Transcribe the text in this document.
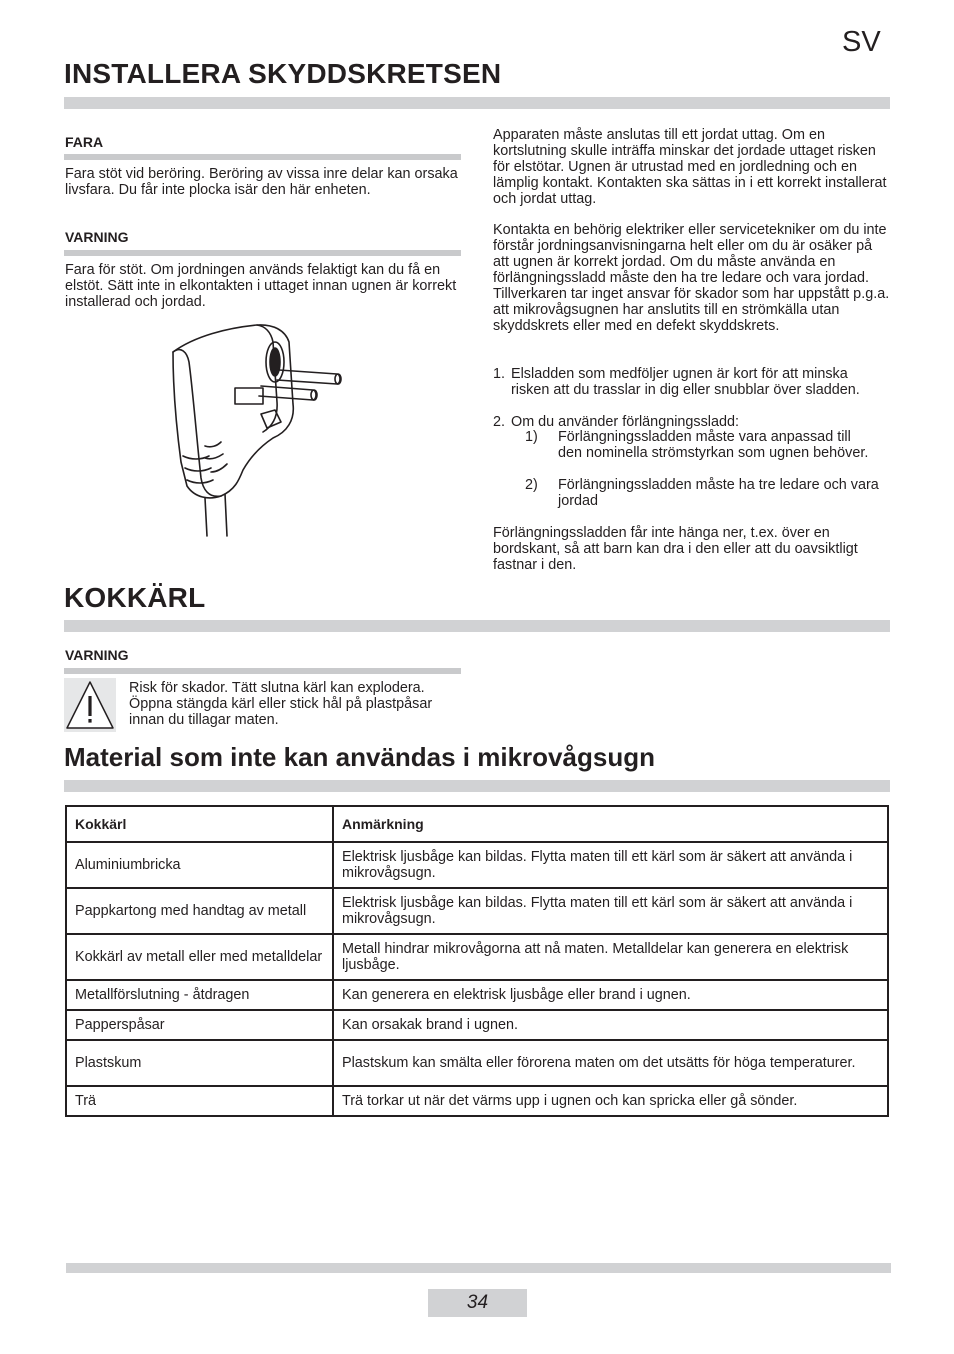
SV
INSTALLERA SKYDDSKRETSEN
FARA
Fara stöt vid beröring. Beröring av vissa inre delar kan orsaka livsfara. Du får inte plocka isär den här enheten.
VARNING
Fara för stöt. Om jordningen används felaktigt kan du få en elstöt. Sätt inte in elkontakten i uttaget innan ugnen är korrekt installerad och jordad.
Apparaten måste anslutas till ett jordat uttag. Om en kortslutning skulle inträffa minskar det jordade uttaget risken för elstötar. Ugnen är utrustad med en jordledning och en lämplig kontakt. Kontakten ska sättas in i ett korrekt installerat och jordat uttag.
Kontakta en behörig elektriker eller servicetekniker om du inte förstår jordningsanvisningarna helt eller om du är osäker på att ugnen är korrekt jordad. Om du måste använda en förlängningssladd måste den ha tre ledare och vara jordad. Tillverkaren tar inget ansvar för skador som har uppstått p.g.a. att mikrovågsugnen har anslutits till en strömkälla utan skyddskrets eller med en defekt skyddskrets.
1. Elsladden som medföljer ugnen är kort för att minska risken att du trasslar in dig eller snubblar över sladden.
2. Om du använder förlängningssladd:
1) Förlängningssladden måste vara anpassad till den nominella strömstyrkan som ugnen behöver.
2) Förlängningssladden måste ha tre ledare och vara jordad
Förlängningssladden får inte hänga ner, t.ex. över en bordskant, så att barn kan dra i den eller att du oavsiktligt fastnar i den.
KOKKÄRL
VARNING
Risk för skador. Tätt slutna kärl kan explodera. Öppna stängda kärl eller stick hål på plastpåsar innan du tillagar maten.
Material som inte kan användas i mikrovågsugn
Kokkärl	Anmärkning
Aluminiumbricka	Elektrisk ljusbåge kan bildas. Flytta maten till ett kärl som är säkert att använda i mikrovågsugn.
Pappkartong med handtag av metall	Elektrisk ljusbåge kan bildas. Flytta maten till ett kärl som är säkert att använda i mikrovågsugn.
Kokkärl av metall eller med metalldelar	Metall hindrar mikrovågorna att nå maten. Metalldelar kan generera en elektrisk ljusbåge.
Metallförslutning - åtdragen	Kan generera en elektrisk ljusbåge eller brand i ugnen.
Papperspåsar	Kan orsakak brand i ugnen.
Plastskum	Plastskum kan smälta eller förorena maten om det utsätts för höga temperaturer.
Trä	Trä torkar ut när det värms upp i ugnen och kan spricka eller gå sönder.
34
